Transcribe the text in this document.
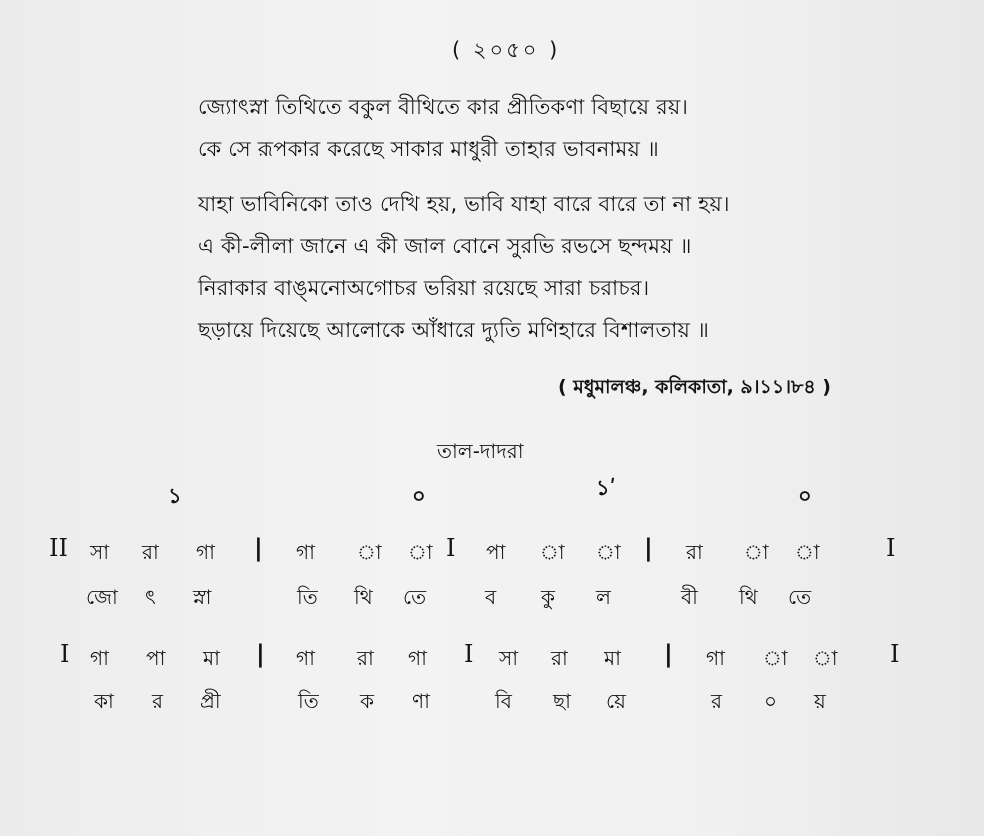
( ২০৫০ )
জ্যোৎস্না তিথিতে বকুল বীথিতে কার প্রীতিকণা বিছায়ে রয়।
কে সে রূপকার করেছে সাকার মাধুরী তাহার ভাবনাময় ॥
যাহা ভাবিনিকো তাও দেখি হয়, ভাবি যাহা বারে বারে তা না হয়।
এ কী-লীলা জানে এ কী জাল বোনে সুরভি রভসে ছন্দময় ॥
নিরাকার বাঙ্‌মনোঅগোচর ভরিয়া রয়েছে সারা চরাচর।
ছড়ায়ে দিয়েছে আলোকে আঁধারে দ্যুতি মণিহারে বিশালতায় ॥
( মধুমালঞ্চ, কলিকাতা, ৯।১১।৮৪ )
তাল-দাদরা
১	০	১ʹ	০
II সা রা গা | গা া া I পা া া | রা া া	I
জো ৎ স্না	তি থি তে	ব কু ল	বী থি তে
I গা পা মা | গা রা গা I সা রা মা | গা া া I
কা র প্রী	তি ক ণা	বি ছা য়ে	র ০ য়
